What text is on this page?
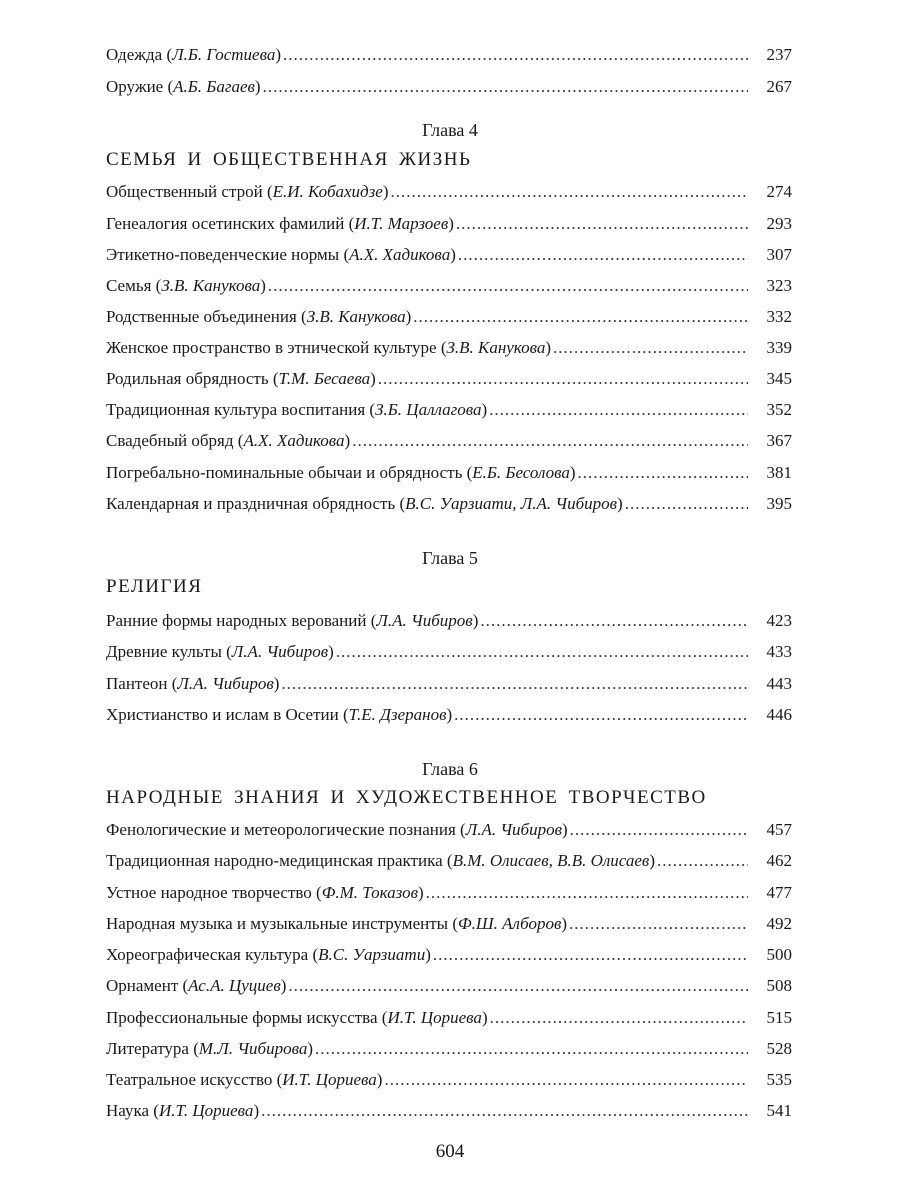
Одежда (Л.Б. Гостиева) .....	237
Оружие (А.Б. Багаев) .....	267
Глава 4
СЕМЬЯ И ОБЩЕСТВЕННАЯ ЖИЗНЬ
Общественный строй (Е.И. Кобахидзе) .....	274
Генеалогия осетинских фамилий (И.Т. Марзоев) .....	293
Этикетно-поведенческие нормы (А.Х. Хадикова) .....	307
Семья (З.В. Канукова) .....	323
Родственные объединения (З.В. Канукова) .....	332
Женское пространство в этнической культуре (З.В. Канукова) .....	339
Родильная обрядность (Т.М. Бесаева) .....	345
Традиционная культура воспитания (З.Б. Цаллагова) .....	352
Свадебный обряд (А.Х. Хадикова) .....	367
Погребально-поминальные обычаи и обрядность (Е.Б. Бесолова) .....	381
Календарная и праздничная обрядность (В.С. Уарзиати, Л.А. Чибиров) .....	395
Глава 5
РЕЛИГИЯ
Ранние формы народных верований (Л.А. Чибиров) .....	423
Древние культы (Л.А. Чибиров) .....	433
Пантеон (Л.А. Чибиров) .....	443
Христианство и ислам в Осетии (Т.Е. Дзеранов) .....	446
Глава 6
НАРОДНЫЕ ЗНАНИЯ И ХУДОЖЕСТВЕННОЕ ТВОРЧЕСТВО
Фенологические и метеорологические познания (Л.А. Чибиров) .....	457
Традиционная народно-медицинская практика (В.М. Олисаев, В.В. Олисаев) .....	462
Устное народное творчество (Ф.М. Токазов) .....	477
Народная музыка и музыкальные инструменты (Ф.Ш. Алборов) .....	492
Хореографическая культура (В.С. Уарзиати) .....	500
Орнамент (Ас.А. Цуциев) .....	508
Профессиональные формы искусства (И.Т. Цориева) .....	515
Литература (М.Л. Чибирова) .....	528
Театральное искусство (И.Т. Цориева) .....	535
Наука (И.Т. Цориева) .....	541
604
